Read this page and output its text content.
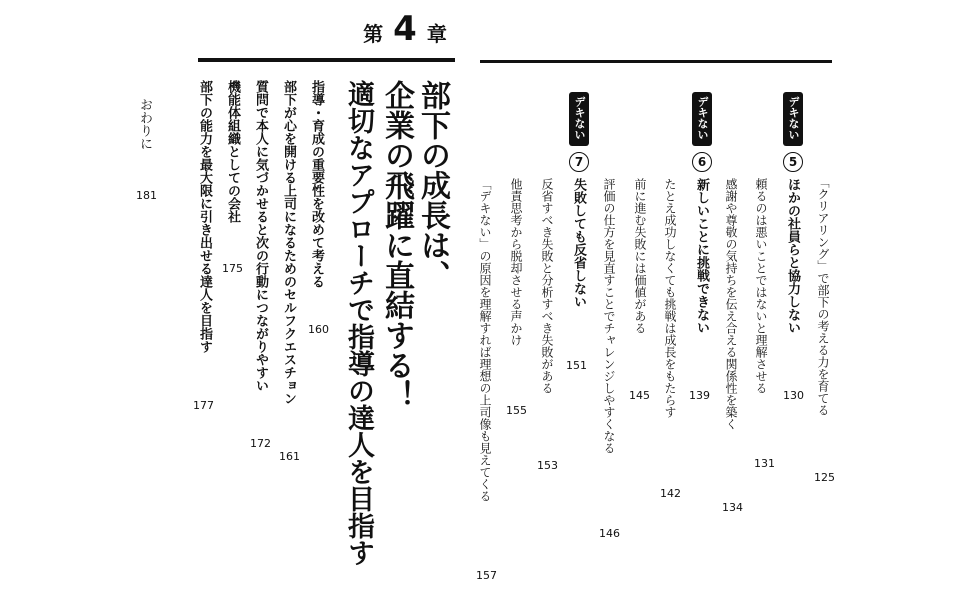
第 4 章
デキない
5
ほかの社員らと協力しない 「クリアリング」で部下の考える力を育てる
125
頼るのは悪いことではないと理解させる
130
感謝や尊敬の気持ちを伝え合える関係性を築く
131
134
デキない
6
新しいことに挑戦できない
たとえ成功しなくても挑戦は成長をもたらす 139
前に進む失敗には価値がある
142
評価の仕方を見直すことでチャレンジしやすくなる 145
146
デキない
7
失敗しても反省しない
反省すべき失敗と分析すべき失敗がある 151
他責思考から脱却させる声かけ
153
「デキない」の原因を理解すれば理想の上司像も見えてくる 155
157
部下の成長は、
企業の飛躍に直結する！
適切なアプローチで指導の達人を目指す
指導・育成の重要性を改めて考える
160
部下が心を開ける上司になるためのセルフクエスチョン
161
質問で本人に気づかせると次の行動につながりやすい
172
機能体組織としての会社
175
部下の能力を最大限に引き出せる達人を目指す
177
おわりに
181
